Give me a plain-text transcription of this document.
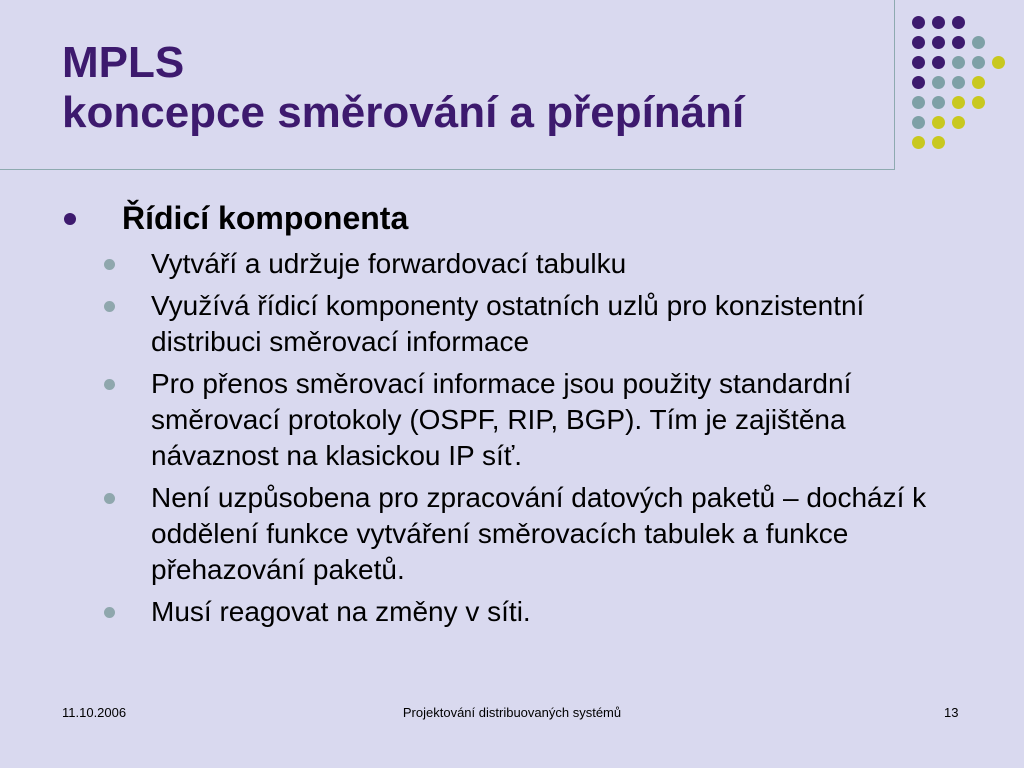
MPLS
koncepce směrování a přepínání
Řídicí komponenta
Vytváří a udržuje forwardovací tabulku
Využívá řídicí komponenty ostatních uzlů pro konzistentní distribuci směrovací informace
Pro přenos směrovací informace jsou použity standardní směrovací protokoly (OSPF, RIP, BGP). Tím je zajištěna návaznost na klasickou IP síť.
Není uzpůsobena pro zpracování datových paketů – dochází k oddělení funkce vytváření směrovacích tabulek a funkce přehazování paketů.
Musí reagovat na změny v síti.
11.10.2006	Projektování distribuovaných systémů	13
